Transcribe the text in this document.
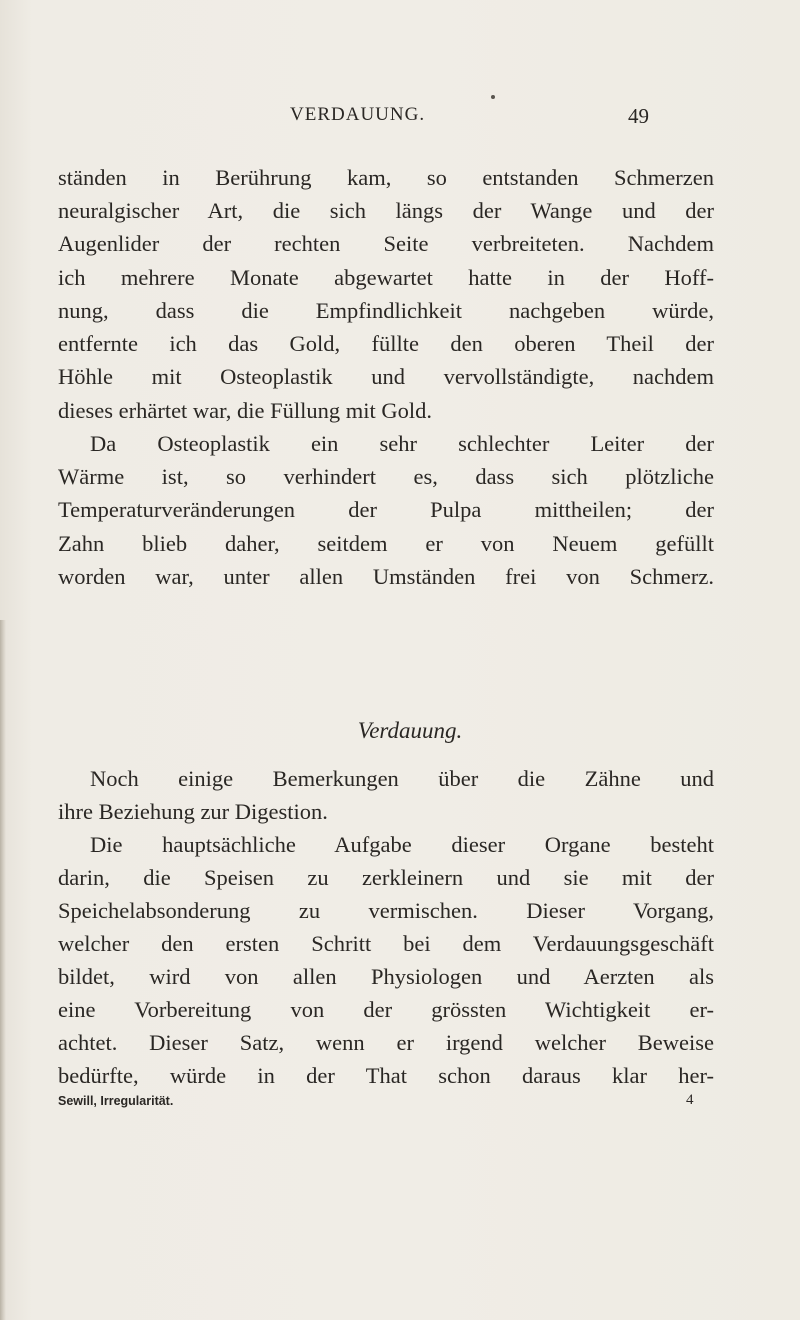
VERDAUUNG.	49
ständen in Berührung kam, so entstanden Schmerzen
neuralgischer Art, die sich längs der Wange und der
Augenlider der rechten Seite verbreiteten. Nachdem
ich mehrere Monate abgewartet hatte in der Hoff-
nung, dass die Empfindlichkeit nachgeben würde,
entfernte ich das Gold, füllte den oberen Theil der
Höhle mit Osteoplastik und vervollständigte, nachdem
dieses erhärtet war, die Füllung mit Gold.
Da Osteoplastik ein sehr schlechter Leiter der
Wärme ist, so verhindert es, dass sich plötzliche
Temperaturveränderungen der Pulpa mittheilen; der
Zahn blieb daher, seitdem er von Neuem gefüllt
worden war, unter allen Umständen frei von Schmerz.
Verdauung.
Noch einige Bemerkungen über die Zähne und
ihre Beziehung zur Digestion.
Die hauptsächliche Aufgabe dieser Organe besteht
darin, die Speisen zu zerkleinern und sie mit der
Speichelabsonderung zu vermischen. Dieser Vorgang,
welcher den ersten Schritt bei dem Verdauungsgeschäft
bildet, wird von allen Physiologen und Aerzten als
eine Vorbereitung von der grössten Wichtigkeit er-
achtet. Dieser Satz, wenn er irgend welcher Beweise
bedürfte, würde in der That schon daraus klar her-
Sewill, Irregularität.	4
